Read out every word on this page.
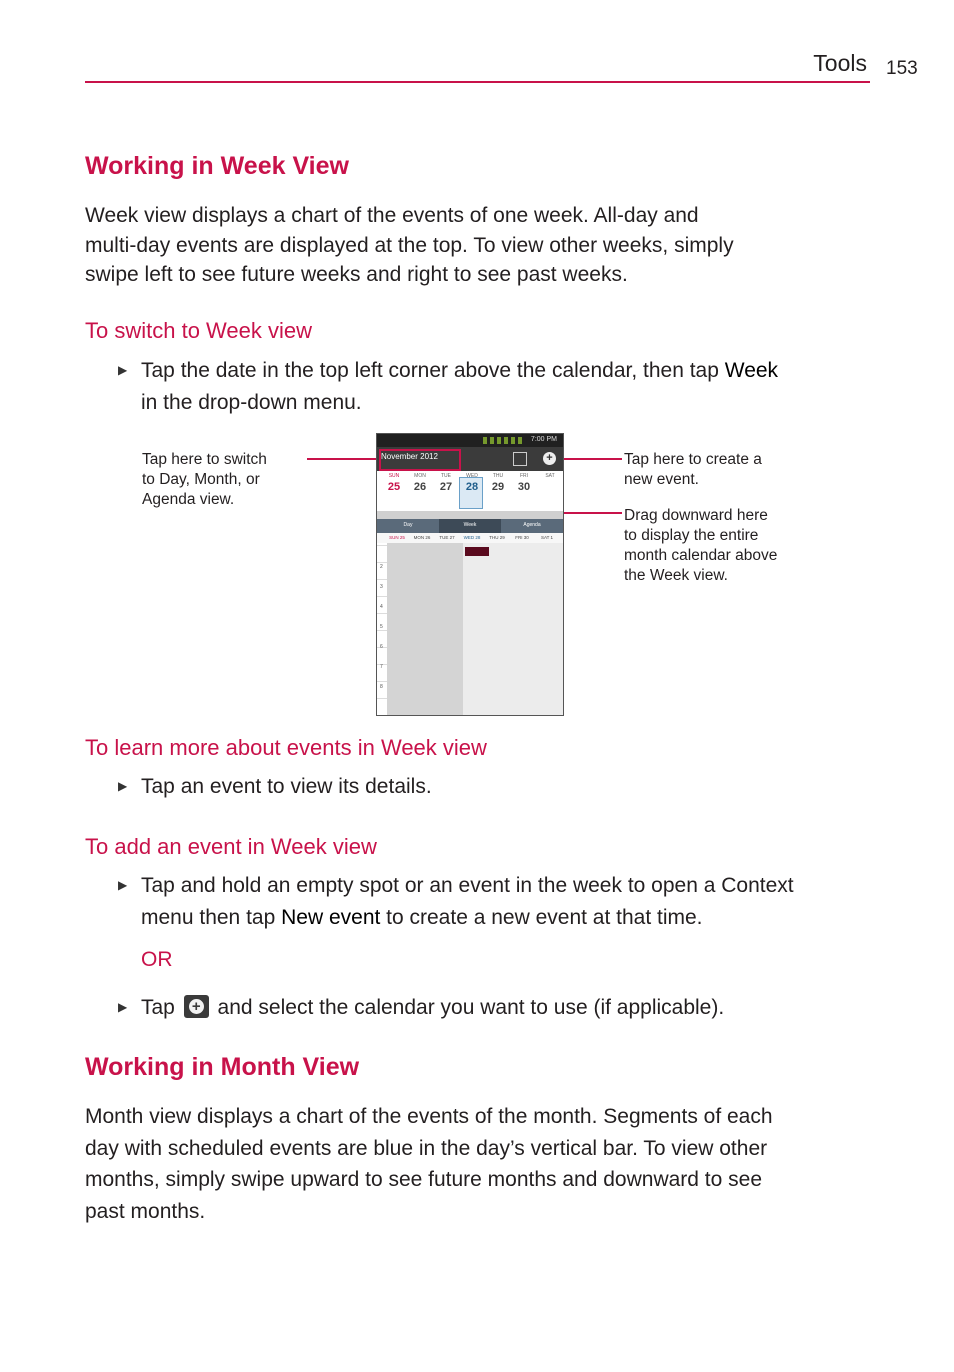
Tools 153
Working in Week View

Week view displays a chart of the events of one week. All-day and

multi-day events are displayed at the top. To view other weeks, simply

swipe left to see future weeks and right to see past weeks.

To switch to Week view
▶ Tap the date in the top left corner above the calendar, then tap Week
in the drop-down menu.
Tap here to switch
to Day, Month, or
Agenda view.
Tap here to create a
new event.
Drag downward here
to display the entire
month calendar above
the Week view.
7:00 PM
November 2012	+
SUN	MON	TUE	WED	THU	FRI	SAT
25	26	27	28	29	30
Day	Week	Agenda
SUN 25	MON 26	TUE 27	WED 28	THU 29	FRI 30	SAT 1
2
3
4
5
6
7
8
To learn more about events in Week view
▶ Tap an event to view its details.
To add an event in Week view
▶ Tap and hold an empty spot or an event in the week to open a Context
menu then tap New event to create a new event at that time.
OR
▶ Tap + and select the calendar you want to use (if applicable).
Working in Month View

Month view displays a chart of the events of the month. Segments of each

day with scheduled events are blue in the day’s vertical bar. To view other

months, simply swipe upward to see future months and downward to see

past months.
